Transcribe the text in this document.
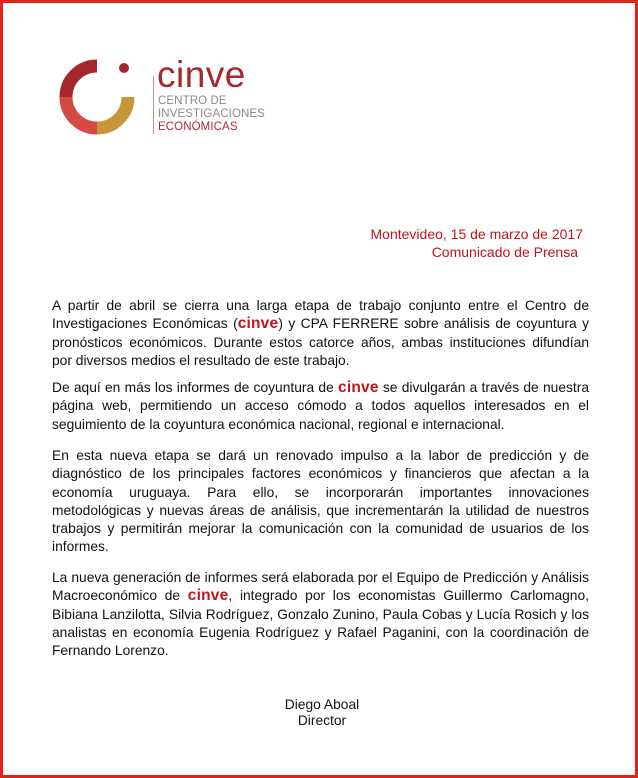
cinve
CENTRO DE
INVESTIGACIONES
ECONÓMICAS

Montevideo, 15 de marzo de 2017

Comunicado de Prensa

A partir de abril se cierra una larga etapa de trabajo conjunto entre el Centro de Investigaciones Económicas (cinve) y CPA FERRERE sobre análisis de coyuntura y pronósticos económicos. Durante estos catorce años, ambas instituciones difundían por diversos medios el resultado de este trabajo.

De aquí en más los informes de coyuntura de cinve se divulgarán a través de nuestra página web, permitiendo un acceso cómodo a todos aquellos interesados en el seguimiento de la coyuntura económica nacional, regional e internacional.

En esta nueva etapa se dará un renovado impulso a la labor de predicción y de diagnóstico de los principales factores económicos y financieros que afectan a la economía uruguaya. Para ello, se incorporarán importantes innovaciones metodológicas y nuevas áreas de análisis, que incrementarán la utilidad de nuestros trabajos y permitirán mejorar la comunicación con la comunidad de usuarios de los informes.

La nueva generación de informes será elaborada por el Equipo de Predicción y Análisis Macroeconómico de cinve, integrado por los economistas Guillermo Carlomagno, Bibiana Lanzilotta, Silvia Rodríguez, Gonzalo Zunino, Paula Cobas y Lucía Rosich y los analistas en economía Eugenia Rodríguez y Rafael Paganini, con la coordinación de Fernando Lorenzo.

Diego Aboal

Director
